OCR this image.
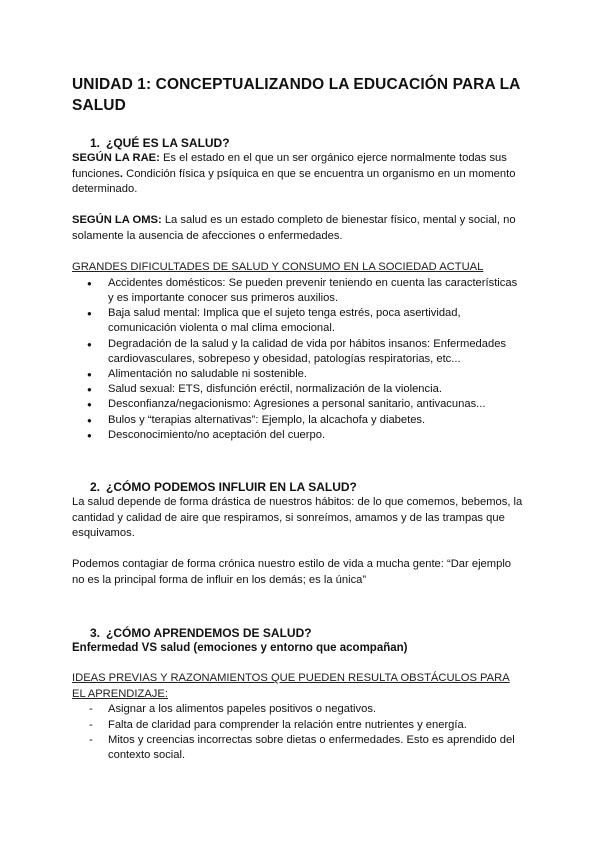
UNIDAD 1: CONCEPTUALIZANDO LA EDUCACIÓN PARA LA SALUD
1. ¿QUÉ ES LA SALUD?

SEGÚN LA RAE: Es el estado en el que un ser orgánico ejerce normalmente todas sus funciones. Condición física y psíquica en que se encuentra un organismo en un momento determinado.

SEGÚN LA OMS: La salud es un estado completo de bienestar físico, mental y social, no solamente la ausencia de afecciones o enfermedades.

GRANDES DIFICULTADES DE SALUD Y CONSUMO EN LA SOCIEDAD ACTUAL

● Accidentes domésticos: Se pueden prevenir teniendo en cuenta las características y es importante conocer sus primeros auxilios.
● Baja salud mental: Implica que el sujeto tenga estrés, poca asertividad, comunicación violenta o mal clima emocional.
● Degradación de la salud y la calidad de vida por hábitos insanos: Enfermedades cardiovasculares, sobrepeso y obesidad, patologías respiratorias, etc...
● Alimentación no saludable ni sostenible.
● Salud sexual: ETS, disfunción eréctil, normalización de la violencia.
● Desconfianza/negacionismo: Agresiones a personal sanitario, antivacunas...
● Bulos y “terapias alternativas”: Ejemplo, la alcachofa y diabetes.
● Desconocimiento/no aceptación del cuerpo.
2. ¿CÓMO PODEMOS INFLUIR EN LA SALUD?

La salud depende de forma drástica de nuestros hábitos: de lo que comemos, bebemos, la cantidad y calidad de aire que respiramos, si sonreímos, amamos y de las trampas que esquivamos.

Podemos contagiar de forma crónica nuestro estilo de vida a mucha gente: “Dar ejemplo no es la principal forma de influir en los demás; es la única”

3. ¿CÓMO APRENDEMOS DE SALUD?

Enfermedad VS salud (emociones y entorno que acompañan)

IDEAS PREVIAS Y RAZONAMIENTOS QUE PUEDEN RESULTA OBSTÁCULOS PARA EL APRENDIZAJE:

- Asignar a los alimentos papeles positivos o negativos.
- Falta de claridad para comprender la relación entre nutrientes y energía.
- Mitos y creencias incorrectas sobre dietas o enfermedades. Esto es aprendido del contexto social.
